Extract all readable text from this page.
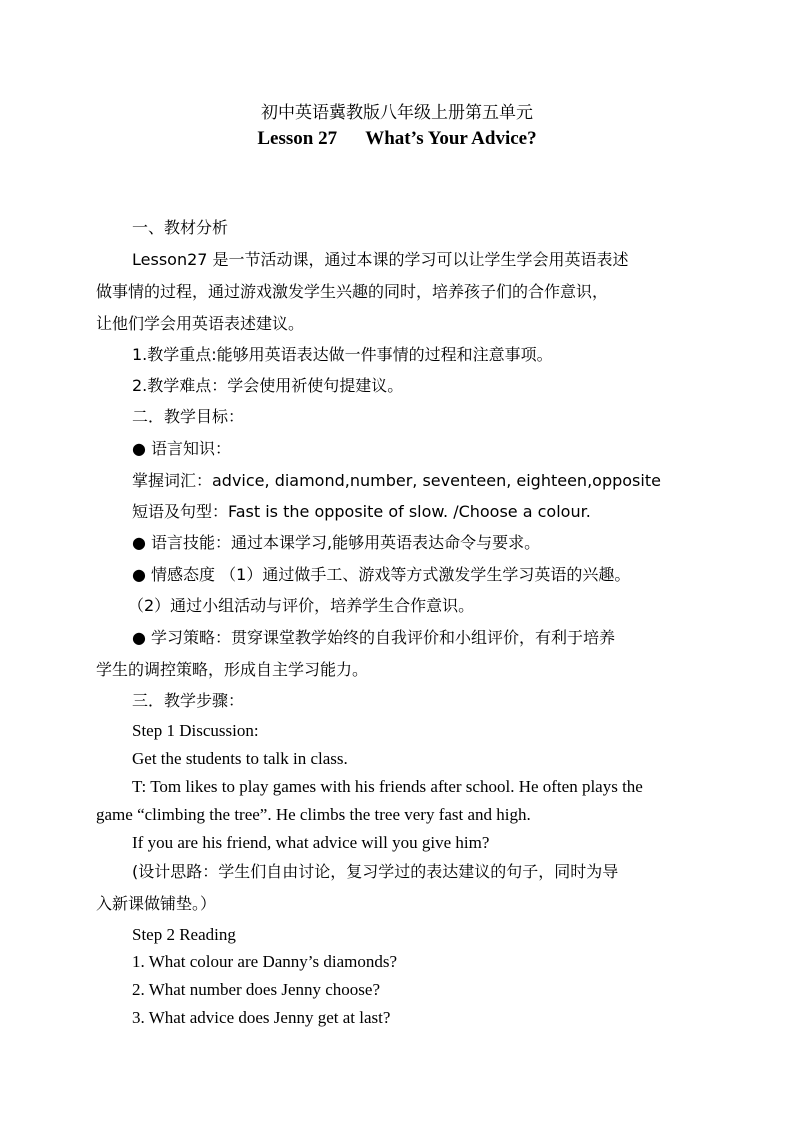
初中英语冀教版八年级上册第五单元
Lesson 27      What’s Your Advice?
一、教材分析
Lesson27 是一节活动课，通过本课的学习可以让学生学会用英语表述
做事情的过程，通过游戏激发学生兴趣的同时，培养孩子们的合作意识，
让他们学会用英语表述建议。
1.教学重点:能够用英语表达做一件事情的过程和注意事项。
2.教学难点：学会使用祈使句提建议。
二．教学目标：
● 语言知识：
掌握词汇：advice, diamond,number, seventeen, eighteen,opposite
短语及句型：Fast is the opposite of slow. /Choose a colour.
● 语言技能：通过本课学习,能够用英语表达命令与要求。
● 情感态度 （1）通过做手工、游戏等方式激发学生学习英语的兴趣。
（2）通过小组活动与评价，培养学生合作意识。
● 学习策略：贯穿课堂教学始终的自我评价和小组评价，有利于培养
学生的调控策略，形成自主学习能力。
三．教学步骤：
Step 1 Discussion:
Get the students to talk in class.
T: Tom likes to play games with his friends after school. He often plays the
game “climbing the tree”. He climbs the tree very fast and high.
If you are his friend, what advice will you give him?
(设计思路：学生们自由讨论，复习学过的表达建议的句子，同时为导
入新课做铺垫。）
Step 2 Reading
1. What colour are Danny’s diamonds?
2. What number does Jenny choose?
3. What advice does Jenny get at last?
